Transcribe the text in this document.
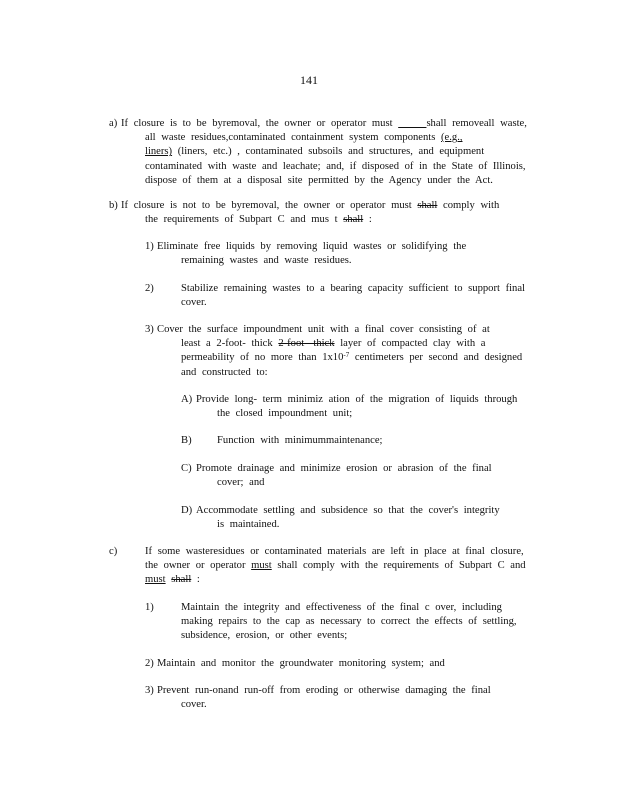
141
a) If closure is to be byremoval, the owner or operator must	shall removeall waste,
all waste residues,contaminated containment system components (e.g.,
liners) (liners, etc.) , contaminated subsoils and structures, and equipment
contaminated with waste and leachate; and, if disposed of in the State of Illinois,
dispose of them at a disposal site permitted by the Agency under the Act.
b) If closure is not to be byremoval, the owner or operator must shall comply with
the requirements of Subpart C and mus t shall :
1) Eliminate free liquids by removing liquid wastes or solidifying the
remaining wastes and waste residues.
2)	Stabilize remaining wastes to a bearing capacity sufficient to support final
cover.
3) Cover the surface impoundment unit with a final cover consisting of at
least a 2-foot- thick 2-foot- thick layer of compacted clay with a
permeability of no more than $1x10^{-7}$ centimeters per second and designed
and constructed to:
A) Provide long- term minimiz ation of the migration of liquids through
the closed impoundment unit;
B) Function with minimummaintenance;
C) Promote drainage and minimize erosion or abrasion of the final
cover; and
D) Accommodate settling and subsidence so that the cover's integrity
is maintained.
c)	If some wasteresidues or contaminated materials are left in place at final closure,
the owner or operator must shall comply with the requirements of Subpart C and
must shall :
1)	Maintain the integrity and effectiveness of the final c over, including
making repairs to the cap as necessary to correct the effects of settling,
subsidence, erosion, or other events;
2) Maintain and monitor the groundwater monitoring system; and
3) Prevent run-onand run-off from eroding or otherwise damaging the final
cover.
